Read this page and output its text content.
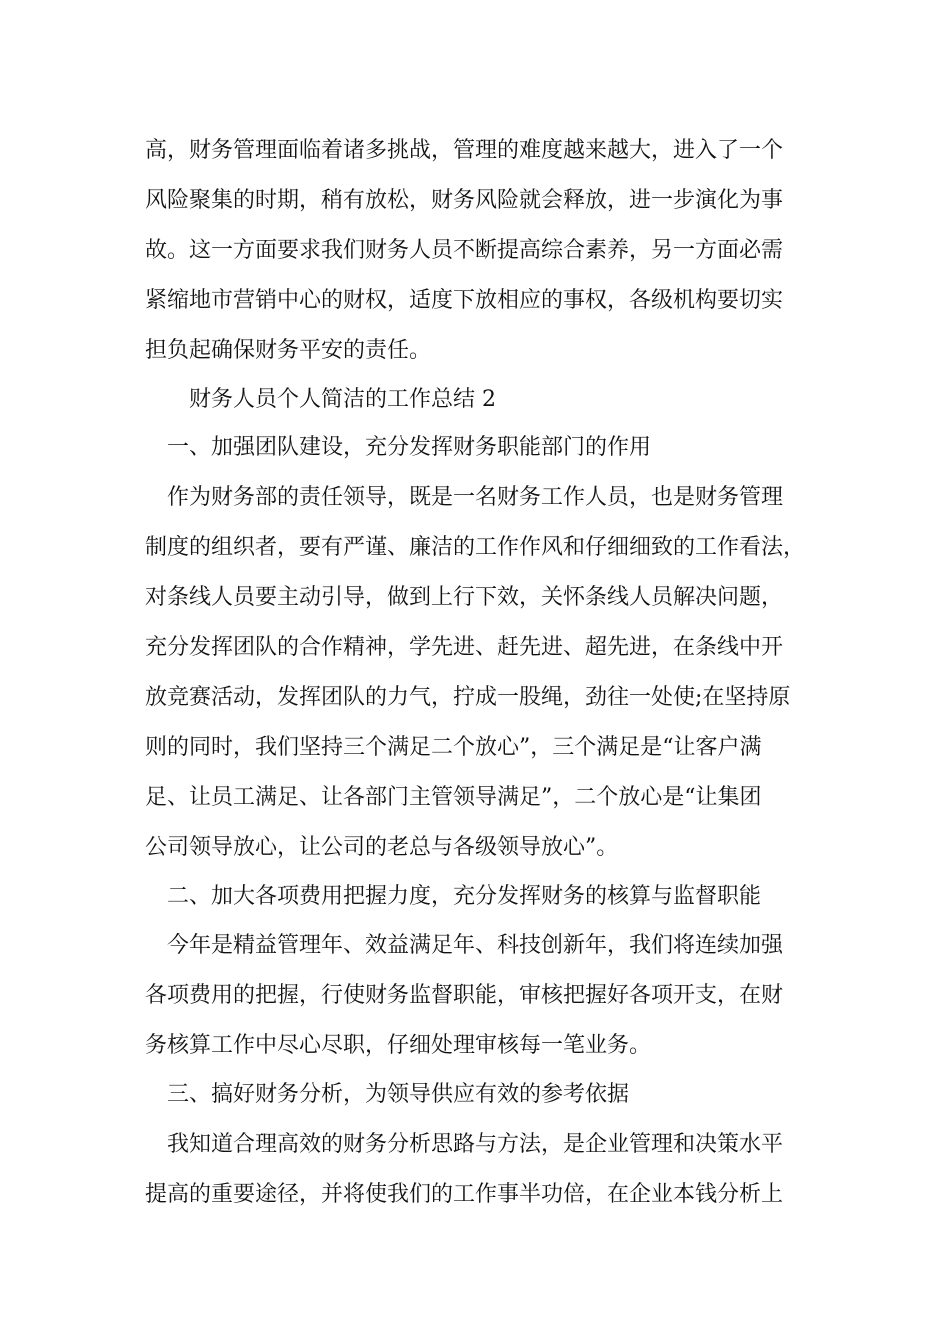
高，财务管理面临着诸多挑战，管理的难度越来越大，进入了一个
风险聚集的时期，稍有放松，财务风险就会释放，进一步演化为事
故。这一方面要求我们财务人员不断提高综合素养，另一方面必需
紧缩地市营销中心的财权，适度下放相应的事权，各级机构要切实
担负起确保财务平安的责任。
财务人员个人简洁的工作总结 2
一、加强团队建设，充分发挥财务职能部门的作用
作为财务部的责任领导，既是一名财务工作人员，也是财务管理
制度的组织者，要有严谨、廉洁的工作作风和仔细细致的工作看法，
对条线人员要主动引导，做到上行下效，关怀条线人员解决问题，
充分发挥团队的合作精神，学先进、赶先进、超先进，在条线中开
放竞赛活动，发挥团队的力气，拧成一股绳，劲往一处使;在坚持原
则的同时，我们坚持三个满足二个放心”，三个满足是“让客户满
足、让员工满足、让各部门主管领导满足”，二个放心是“让集团
公司领导放心，让公司的老总与各级领导放心”。
二、加大各项费用把握力度，充分发挥财务的核算与监督职能
今年是精益管理年、效益满足年、科技创新年，我们将连续加强
各项费用的把握，行使财务监督职能，审核把握好各项开支，在财
务核算工作中尽心尽职，仔细处理审核每一笔业务。
三、搞好财务分析，为领导供应有效的参考依据
我知道合理高效的财务分析思路与方法，是企业管理和决策水平
提高的重要途径，并将使我们的工作事半功倍，在企业本钱分析上
